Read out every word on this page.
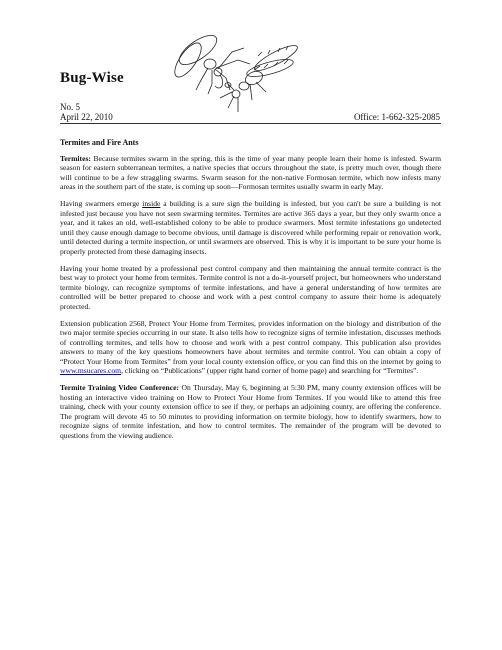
Bug-Wise
No. 5
April 22, 2010	Office: 1-662-325-2085
Termites and Fire Ants

Termites: Because termites swarm in the spring, this is the time of year many people learn their home is infested. Swarm season for eastern subterranean termites, a native species that occurs throughout the state, is pretty much over, though there will continue to be a few straggling swarms. Swarm season for the non-native Formosan termite, which now infests many areas in the southern part of the state, is coming up soon—Formosan termites usually swarm in early May.

Having swarmers emerge inside a building is a sure sign the building is infested, but you can't be sure a building is not infested just because you have not seen swarming termites. Termites are active 365 days a year, but they only swarm once a year, and it takes an old, well-established colony to be able to produce swarmers. Most termite infestations go undetected until they cause enough damage to become obvious, until damage is discovered while performing repair or renovation work, until detected during a termite inspection, or until swarmers are observed. This is why it is important to be sure your home is properly protected from these damaging insects.

Having your home treated by a professional pest control company and then maintaining the annual termite contract is the best way to protect your home from termites. Termite control is not a do-it-yourself project, but homeowners who understand termite biology, can recognize symptoms of termite infestations, and have a general understanding of how termites are controlled will be better prepared to choose and work with a pest control company to assure their home is adequately protected.

Extension publication 2568, Protect Your Home from Termites, provides information on the biology and distribution of the two major termite species occurring in our state. It also tells how to recognize signs of termite infestation, discusses methods of controlling termites, and tells how to choose and work with a pest control company. This publication also provides answers to many of the key questions homeowners have about termites and termite control. You can obtain a copy of “Protect Your Home from Termites” from your local county extension office, or you can find this on the internet by going to www.msucares.com, clicking on “Publications” (upper right hand corner of home page) and searching for “Termites”.

Termite Training Video Conference: On Thursday, May 6, beginning at 5:30 PM, many county extension offices will be hosting an interactive video training on How to Protect Your Home from Termites. If you would like to attend this free training, check with your county extension office to see if they, or perhaps an adjoining county, are offering the conference. The program will devote 45 to 50 minutes to providing information on termite biology, how to identify swarmers, how to recognize signs of termite infestation, and how to control termites. The remainder of the program will be devoted to questions from the viewing audience.
